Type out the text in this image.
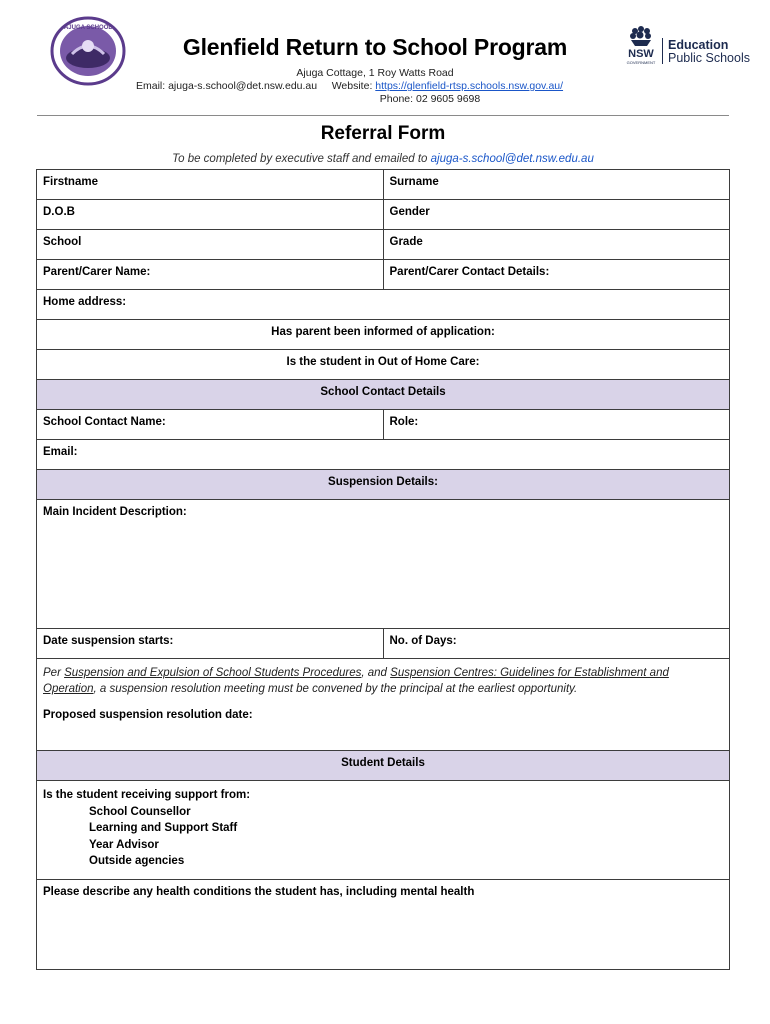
AJUGA SCHOOL
Glenfield Return to School Program
Ajuga Cottage, 1 Roy Watts Road
Email: ajuga-s.school@det.nsw.edu.au Website: https://glenfield-rtsp.schools.nsw.gov.au/
Phone: 02 9605 9698
NSW
GOVERNMENT
Education
Public Schools
Referral Form
To be completed by executive staff and emailed to ajuga-s.school@det.nsw.edu.au
Firstname	Surname
D.O.B	Gender
School	Grade
Parent/Carer Name:	Parent/Carer Contact Details:
Home address:	
Has parent been informed of application:	
Is the student in Out of Home Care:	
School Contact Details	
School Contact Name:	Role:
Email:	
Suspension Details:	
Main Incident Description:	
Date suspension starts:	No. of Days:

Per Suspension and Expulsion of School Students Procedures, and Suspension Centres: Guidelines for Establishment and Operation, a suspension resolution meeting must be convened by the principal at the earliest opportunity.
Proposed suspension resolution date:	
Student Details	

Is the student receiving support from:
School Counsellor
Learning and Support Staff
Year Advisor
Outside agencies	

Please describe any health conditions the student has, including mental health	
